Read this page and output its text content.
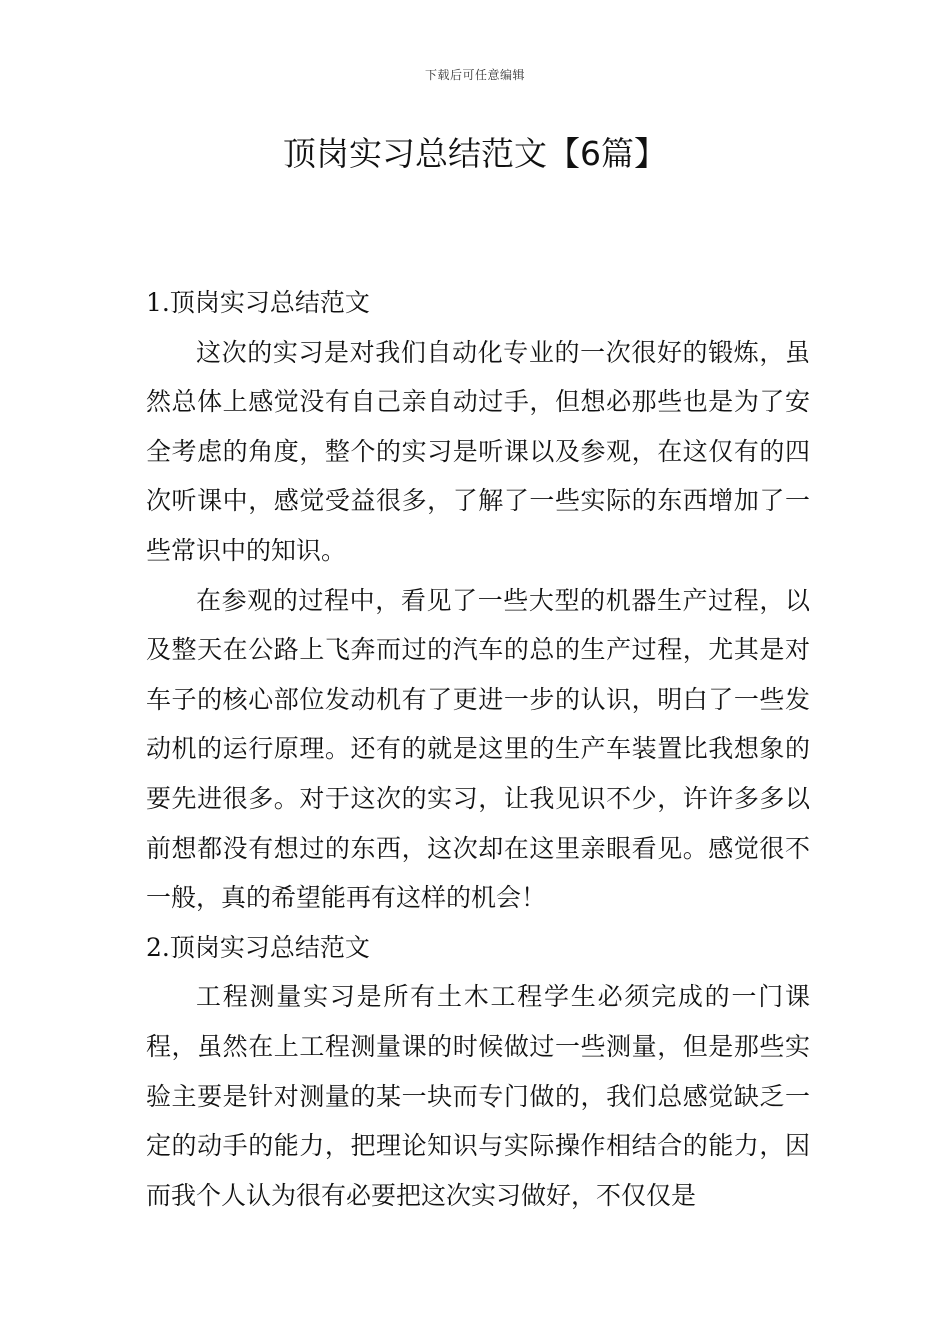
下载后可任意编辑
顶岗实习总结范文【6篇】

1.顶岗实习总结范文

这次的实习是对我们自动化专业的一次很好的锻炼，虽然总体上感觉没有自己亲自动过手，但想必那些也是为了安全考虑的角度，整个的实习是听课以及参观，在这仅有的四次听课中，感觉受益很多，了解了一些实际的东西增加了一些常识中的知识。

在参观的过程中，看见了一些大型的机器生产过程，以及整天在公路上飞奔而过的汽车的总的生产过程，尤其是对车子的核心部位发动机有了更进一步的认识，明白了一些发动机的运行原理。还有的就是这里的生产车装置比我想象的要先进很多。对于这次的实习，让我见识不少，许许多多以前想都没有想过的东西，这次却在这里亲眼看见。感觉很不一般，真的希望能再有这样的机会！

2.顶岗实习总结范文

工程测量实习是所有土木工程学生必须完成的一门课程，虽然在上工程测量课的时候做过一些测量，但是那些实验主要是针对测量的某一块而专门做的，我们总感觉缺乏一定的动手的能力，把理论知识与实际操作相结合的能力，因而我个人认为很有必要把这次实习做好，不仅仅是
